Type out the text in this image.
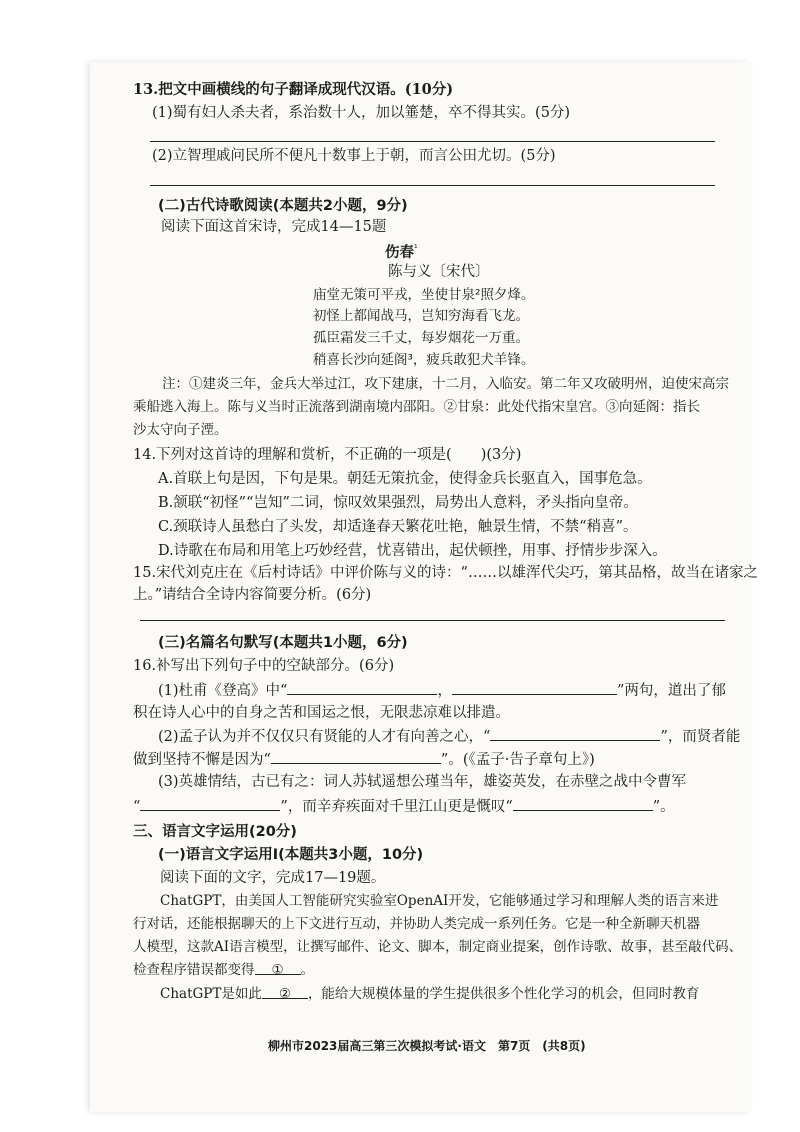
13.把文中画横线的句子翻译成现代汉语。(10分)
(1)蜀有妇人杀夫者，系治数十人，加以箠楚，卒不得其实。(5分)
(2)立智理戚问民所不便凡十数事上于朝，而言公田尤切。(5分)
(二)古代诗歌阅读(本题共2小题，9分)
阅读下面这首宋诗，完成14—15题
伤春$^{^1}$
陈与义〔宋代〕
庙堂无策可平戎，坐使甘泉²照夕烽。
初怪上都闻战马，岂知穷海看飞龙。
孤臣霜发三千丈，每岁烟花一万重。
稍喜长沙向延阁³，疲兵敢犯犬羊锋。
注：①建炎三年，金兵大举过江，攻下建康，十二月，入临安。第二年又攻破明州，迫使宋高宗
乘船逃入海上。陈与义当时正流落到湖南境内邵阳。②甘泉：此处代指宋皇宫。③向延阁：指长
沙太守向子湮。
14.下列对这首诗的理解和赏析，不正确的一项是(　　)(3分)
A.首联上句是因，下句是果。朝廷无策抗金，使得金兵长驱直入，国事危急。
B.颔联“初怪”“岂知”二词，惊叹效果强烈，局势出人意料，矛头指向皇帝。
C.颈联诗人虽愁白了头发，却适逢春天繁花吐艳，触景生情，不禁“稍喜”。
D.诗歌在布局和用笔上巧妙经营，忧喜错出，起伏顿挫，用事、抒情步步深入。
15.宋代刘克庄在《后村诗话》中评价陈与义的诗：“……以雄浑代尖巧，第其品格，故当在诸家之
上。”请结合全诗内容简要分析。(6分)
(三)名篇名句默写(本题共1小题，6分)
16.补写出下列句子中的空缺部分。(6分)
(1)杜甫《登高》中“	，	”两句，道出了郁
积在诗人心中的自身之苦和国运之恨，无限悲凉难以排遣。
(2)孟子认为并不仅仅只有贤能的人才有向善之心，“	”，而贤者能
做到坚持不懈是因为“	”。(《孟子·告子章句上》)
(3)英雄情结，古已有之：词人苏轼遥想公瑾当年，雄姿英发，在赤壁之战中令曹军
“	”，而辛弃疾面对千里江山更是慨叹“	”。
三、语言文字运用(20分)
(一)语言文字运用Ⅰ(本题共3小题，10分)
阅读下面的文字，完成17—19题。
ChatGPT，由美国人工智能研究实验室OpenAI开发，它能够通过学习和理解人类的语言来进
行对话，还能根据聊天的上下文进行互动，并协助人类完成一系列任务。它是一种全新聊天机器
人模型，这款AI语言模型，让撰写邮件、论文、脚本，制定商业提案，创作诗歌、故事，甚至敲代码、
检查程序错误都变得 ① 。
ChatGPT是如此 ② ，能给大规模体量的学生提供很多个性化学习的机会，但同时教育
柳州市2023届高三第三次模拟考试·语文　第7页　(共8页)
